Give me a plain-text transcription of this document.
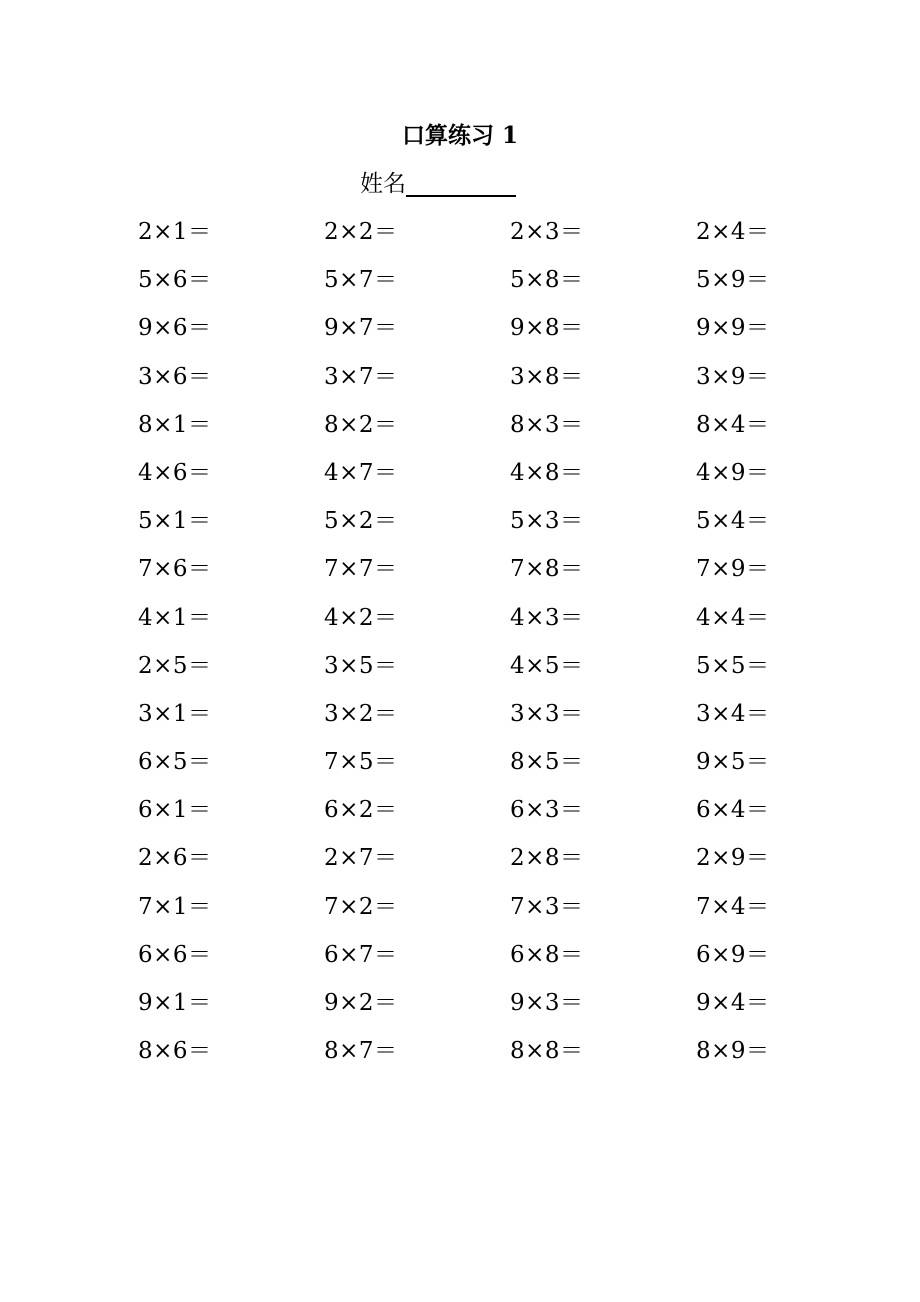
口算练习 1
姓名
2×1＝	2×2＝	2×3＝	2×4＝
5×6＝	5×7＝	5×8＝	5×9＝
9×6＝	9×7＝	9×8＝	9×9＝
3×6＝	3×7＝	3×8＝	3×9＝
8×1＝	8×2＝	8×3＝	8×4＝
4×6＝	4×7＝	4×8＝	4×9＝
5×1＝	5×2＝	5×3＝	5×4＝
7×6＝	7×7＝	7×8＝	7×9＝
4×1＝	4×2＝	4×3＝	4×4＝
2×5＝	3×5＝	4×5＝	5×5＝
3×1＝	3×2＝	3×3＝	3×4＝
6×5＝	7×5＝	8×5＝	9×5＝
6×1＝	6×2＝	6×3＝	6×4＝
2×6＝	2×7＝	2×8＝	2×9＝
7×1＝	7×2＝	7×3＝	7×4＝
6×6＝	6×7＝	6×8＝	6×9＝
9×1＝	9×2＝	9×3＝	9×4＝
8×6＝	8×7＝	8×8＝	8×9＝
